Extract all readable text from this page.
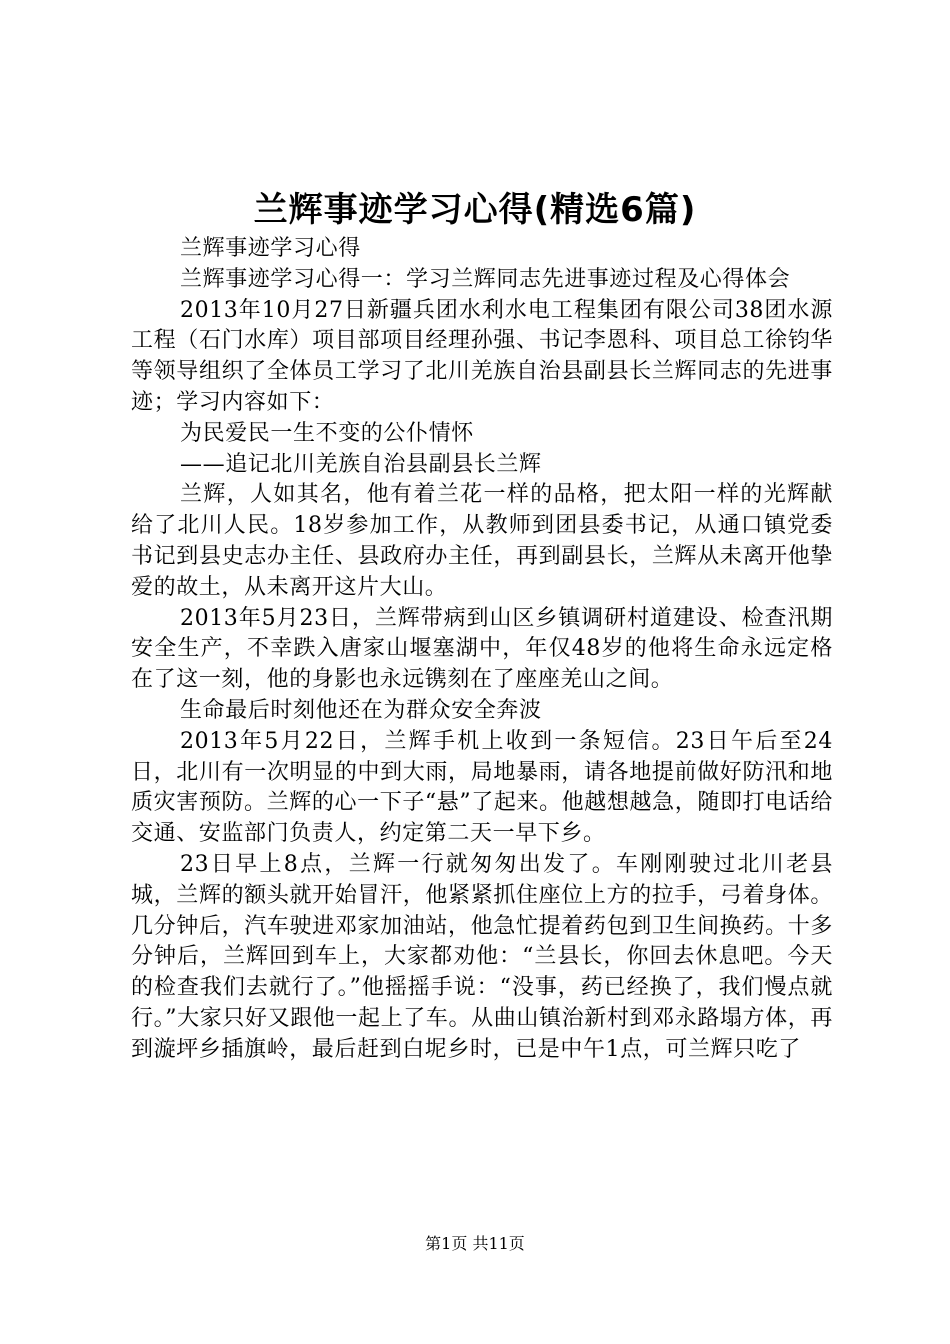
兰辉事迹学习心得(精选6篇)

兰辉事迹学习心得

兰辉事迹学习心得一：学习兰辉同志先进事迹过程及心得体会

2013年10月27日新疆兵团水利水电工程集团有限公司38团水源工程（石门水库）项目部项目经理孙强、书记李恩科、项目总工徐钧华等领导组织了全体员工学习了北川羌族自治县副县长兰辉同志的先进事迹；学习内容如下：

为民爱民一生不变的公仆情怀

——追记北川羌族自治县副县长兰辉

兰辉，人如其名，他有着兰花一样的品格，把太阳一样的光辉献给了北川人民。18岁参加工作，从教师到团县委书记，从通口镇党委书记到县史志办主任、县政府办主任，再到副县长，兰辉从未离开他挚爱的故土，从未离开这片大山。

2013年5月23日，兰辉带病到山区乡镇调研村道建设、检查汛期安全生产，不幸跌入唐家山堰塞湖中，年仅48岁的他将生命永远定格在了这一刻，他的身影也永远镌刻在了座座羌山之间。

生命最后时刻他还在为群众安全奔波

2013年5月22日，兰辉手机上收到一条短信。23日午后至24日，北川有一次明显的中到大雨，局地暴雨，请各地提前做好防汛和地质灾害预防。兰辉的心一下子“悬”了起来。他越想越急，随即打电话给交通、安监部门负责人，约定第二天一早下乡。

23日早上8点，兰辉一行就匆匆出发了。车刚刚驶过北川老县城，兰辉的额头就开始冒汗，他紧紧抓住座位上方的拉手，弓着身体。几分钟后，汽车驶进邓家加油站，他急忙提着药包到卫生间换药。十多分钟后，兰辉回到车上，大家都劝他：“兰县长，你回去休息吧。今天的检查我们去就行了。”他摇摇手说：“没事，药已经换了，我们慢点就行。”大家只好又跟他一起上了车。从曲山镇治新村到邓永路塌方体，再到漩坪乡插旗岭，最后赶到白坭乡时，已是中午1点，可兰辉只吃了

第1页 共11页
